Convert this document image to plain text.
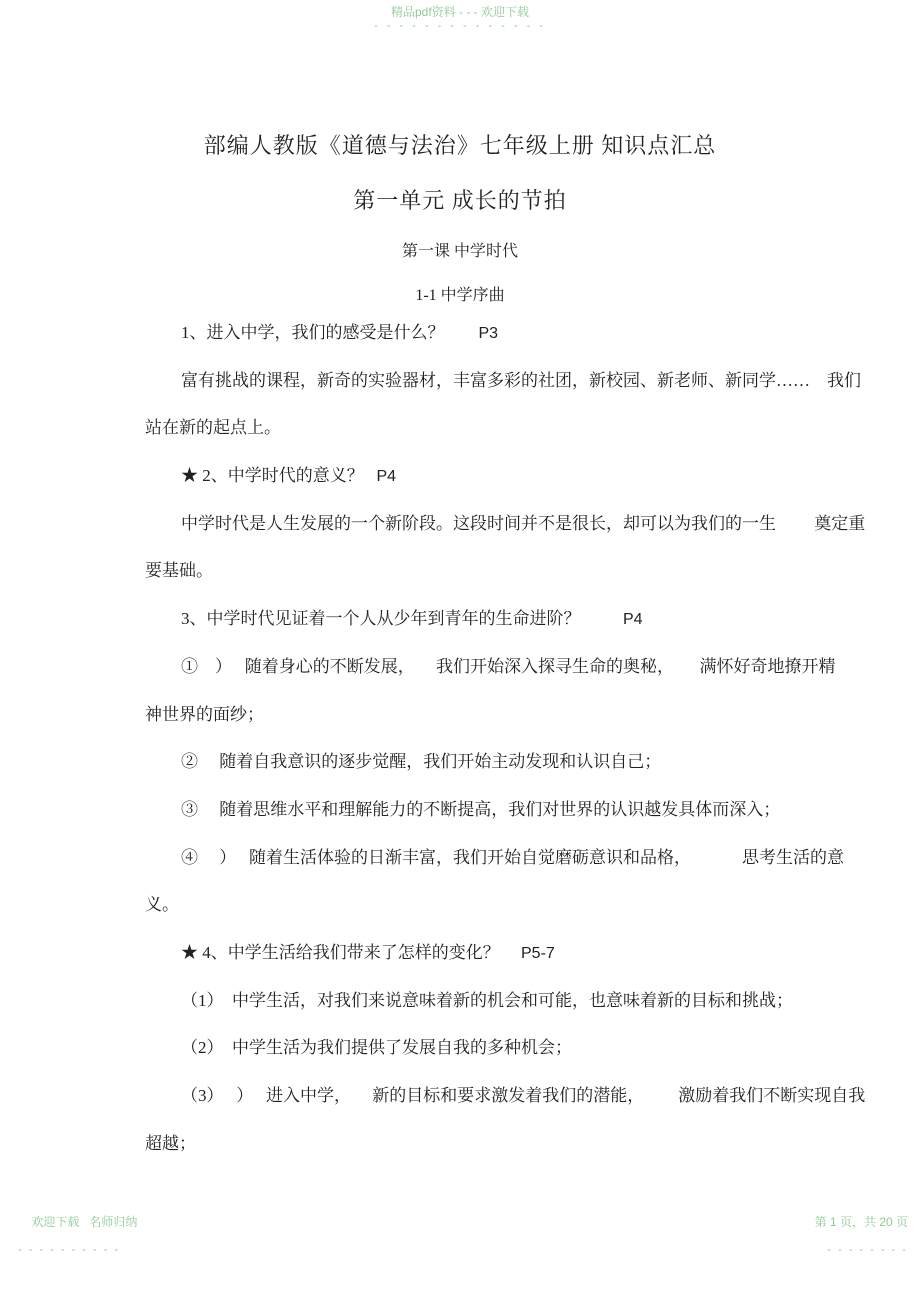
精品pdf资料 - - - 欢迎下载
- - - - - - - - - - - - - -
部编人教版《道德与法治》七年级上册 知识点汇总
第一单元 成长的节拍
第一课 中学时代
1-1 中学序曲
1、进入中学，我们的感受是什么？        P3
富有挑战的课程，新奇的实验器材，丰富多彩的社团，新校园、新老师、新同学……    我们
站在新的起点上。
★ 2、中学时代的意义？   P4
中学时代是人生发展的一个新阶段。这段时间并不是很长，却可以为我们的一生         奠定重
要基础。
3、中学时代见证着一个人从少年到青年的生命进阶？          P4
①    ）   随着身心的不断发展，     我们开始深入探寻生命的奥秘，      满怀好奇地撩开精
神世界的面纱；
②     随着自我意识的逐步觉醒，我们开始主动发现和认识自己；
③     随着思维水平和理解能力的不断提高，我们对世界的认识越发具体而深入；
④     ）   随着生活体验的日渐丰富，我们开始自觉磨砺意识和品格，            思考生活的意
义。
★ 4、中学生活给我们带来了怎样的变化？     P5-7
（1）  中学生活，对我们来说意味着新的机会和可能，也意味着新的目标和挑战；
（2）  中学生活为我们提供了发展自我的多种机会；
（3）   ）   进入中学，     新的目标和要求激发着我们的潜能，        激励着我们不断实现自我
超越；

欢迎下载   名师归纳

- - - - - - - - - -

第 1 页，共 20 页

- - - - - - - -
